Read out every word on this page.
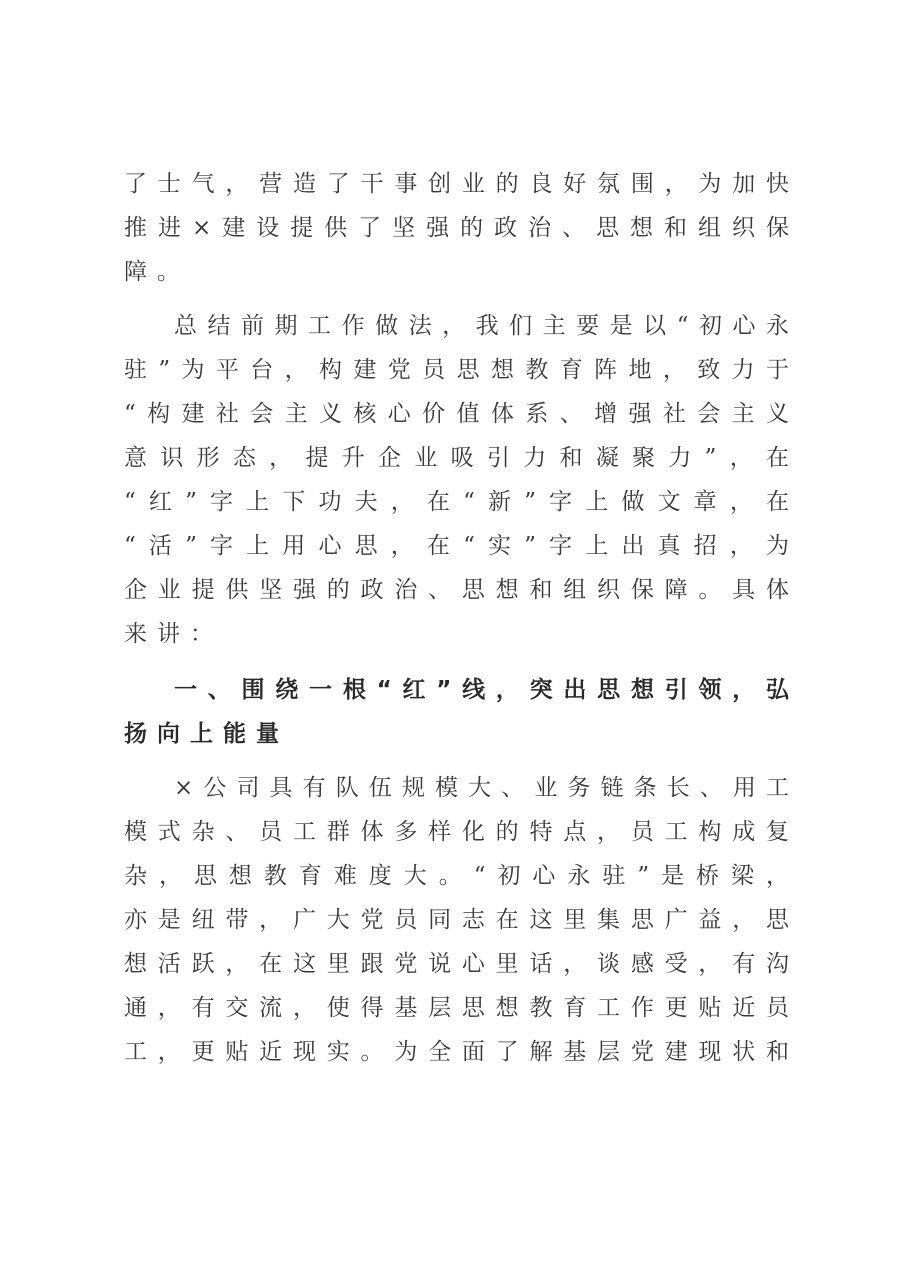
了士气，营造了干事创业的良好氛围，为加快
推进×建设提供了坚强的政治、思想和组织保
障。
总结前期工作做法，我们主要是以“初心永
驻”为平台，构建党员思想教育阵地，致力于
“构建社会主义核心价值体系、增强社会主义
意识形态，提升企业吸引力和凝聚力”，在
“红”字上下功夫，在“新”字上做文章，在
“活”字上用心思，在“实”字上出真招，为
企业提供坚强的政治、思想和组织保障。具体
来讲：
一、围绕一根“红”线，突出思想引领，弘
扬向上能量
×公司具有队伍规模大、业务链条长、用工
模式杂、员工群体多样化的特点，员工构成复
杂，思想教育难度大。“初心永驻”是桥梁，
亦是纽带，广大党员同志在这里集思广益，思
想活跃，在这里跟党说心里话，谈感受，有沟
通，有交流，使得基层思想教育工作更贴近员
工，更贴近现实。为全面了解基层党建现状和
